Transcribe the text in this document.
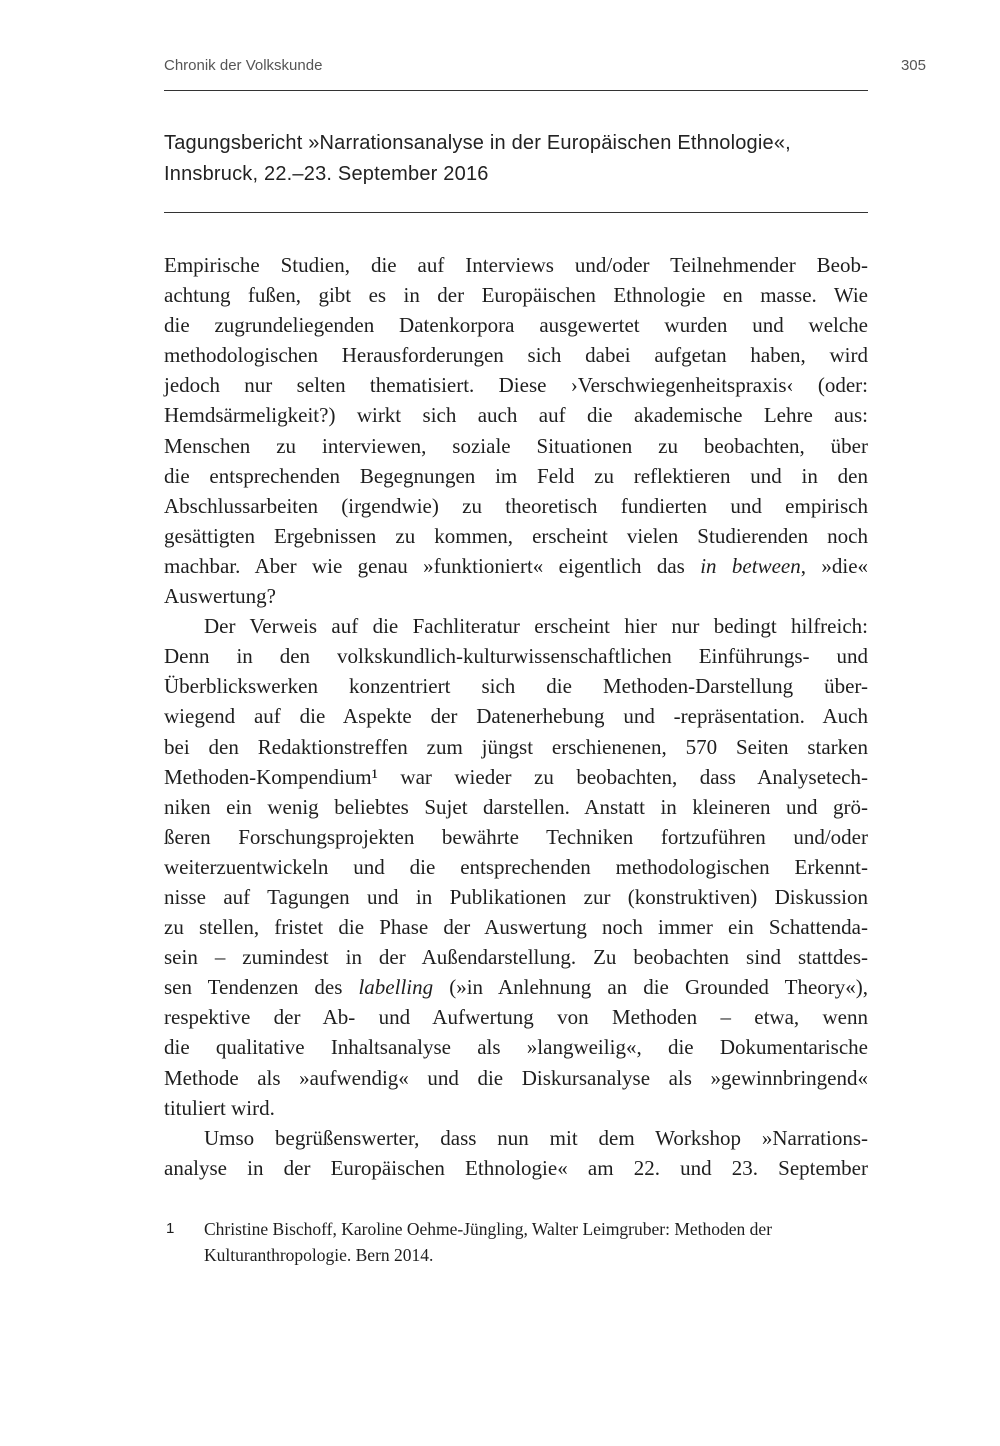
Chronik der Volkskunde	305
Tagungsbericht »Narrationsanalyse in der Europäischen Ethnologie«,
Innsbruck, 22.–23. September 2016
Empirische Studien, die auf Interviews und/oder Teilnehmender Beob-
achtung fußen, gibt es in der Europäischen Ethnologie en masse. Wie
die zugrundeliegenden Datenkorpora ausgewertet wurden und welche
methodologischen Herausforderungen sich dabei aufgetan haben, wird
jedoch nur selten thematisiert. Diese ›Verschwiegenheitspraxis‹ (oder:
Hemdsärmeligkeit?) wirkt sich auch auf die akademische Lehre aus:
Menschen zu interviewen, soziale Situationen zu beobachten, über
die entsprechenden Begegnungen im Feld zu reflektieren und in den
Abschlussarbeiten (irgendwie) zu theoretisch fundierten und empirisch
gesättigten Ergebnissen zu kommen, erscheint vielen Studierenden noch
machbar. Aber wie genau »funktioniert« eigentlich das in between, »die«
Auswertung?
Der Verweis auf die Fachliteratur erscheint hier nur bedingt hilfreich:
Denn in den volkskundlich-kulturwissenschaftlichen Einführungs- und
Überblickswerken konzentriert sich die Methoden-Darstellung über-
wiegend auf die Aspekte der Datenerhebung und -repräsentation. Auch
bei den Redaktionstreffen zum jüngst erschienenen, 570 Seiten starken
Methoden-Kompendium¹ war wieder zu beobachten, dass Analysetech-
niken ein wenig beliebtes Sujet darstellen. Anstatt in kleineren und grö-
ßeren Forschungsprojekten bewährte Techniken fortzuführen und/oder
weiterzuentwickeln und die entsprechenden methodologischen Erkennt-
nisse auf Tagungen und in Publikationen zur (konstruktiven) Diskussion
zu stellen, fristet die Phase der Auswertung noch immer ein Schattenda-
sein – zumindest in der Außendarstellung. Zu beobachten sind stattdes-
sen Tendenzen des labelling (»in Anlehnung an die Grounded Theory«),
respektive der Ab- und Aufwertung von Methoden – etwa, wenn
die qualitative Inhaltsanalyse als »langweilig«, die Dokumentarische
Methode als »aufwendig« und die Diskursanalyse als »gewinnbringend«
tituliert wird.
Umso begrüßenswerter, dass nun mit dem Workshop »Narrations-
analyse in der Europäischen Ethnologie« am 22. und 23. September
1 Christine Bischoff, Karoline Oehme-Jüngling, Walter Leimgruber: Methoden der Kulturanthropologie. Bern 2014.
